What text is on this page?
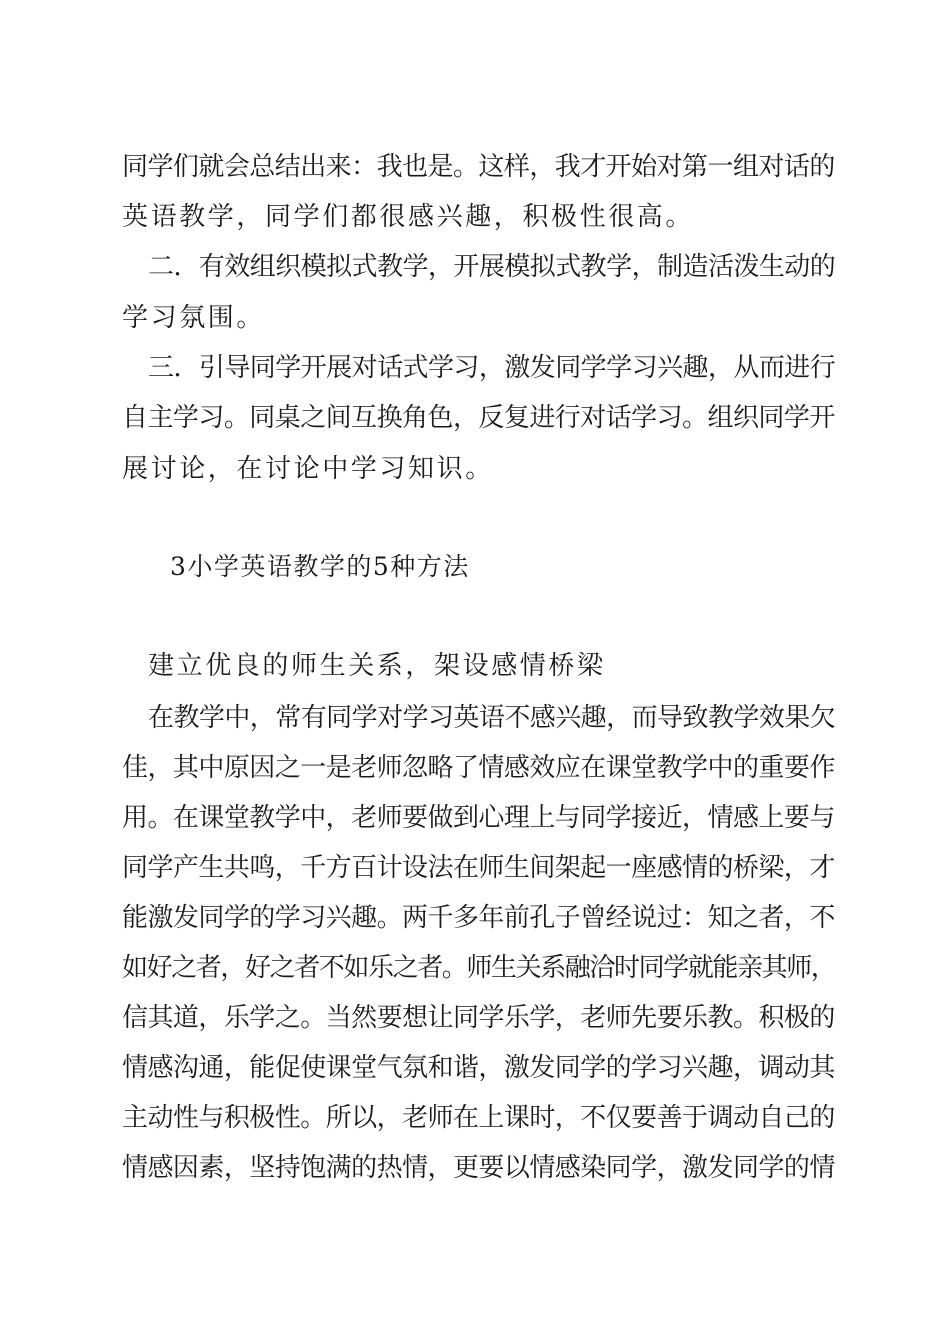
同学们就会总结出来：我也是。这样，我才开始对第一组对话的
英语教学，同学们都很感兴趣，积极性很高。
二．有效组织模拟式教学，开展模拟式教学，制造活泼生动的
学习氛围。
三．引导同学开展对话式学习，激发同学学习兴趣，从而进行
自主学习。同桌之间互换角色，反复进行对话学习。组织同学开
展讨论，在讨论中学习知识。
3小学英语教学的5种方法
建立优良的师生关系，架设感情桥梁
在教学中，常有同学对学习英语不感兴趣，而导致教学效果欠
佳，其中原因之一是老师忽略了情感效应在课堂教学中的重要作
用。在课堂教学中，老师要做到心理上与同学接近，情感上要与
同学产生共鸣，千方百计设法在师生间架起一座感情的桥梁，才
能激发同学的学习兴趣。两千多年前孔子曾经说过：知之者，不
如好之者，好之者不如乐之者。师生关系融洽时同学就能亲其师，
信其道，乐学之。当然要想让同学乐学，老师先要乐教。积极的
情感沟通，能促使课堂气氛和谐，激发同学的学习兴趣，调动其
主动性与积极性。所以，老师在上课时，不仅要善于调动自己的
情感因素，坚持饱满的热情，更要以情感染同学，激发同学的情
